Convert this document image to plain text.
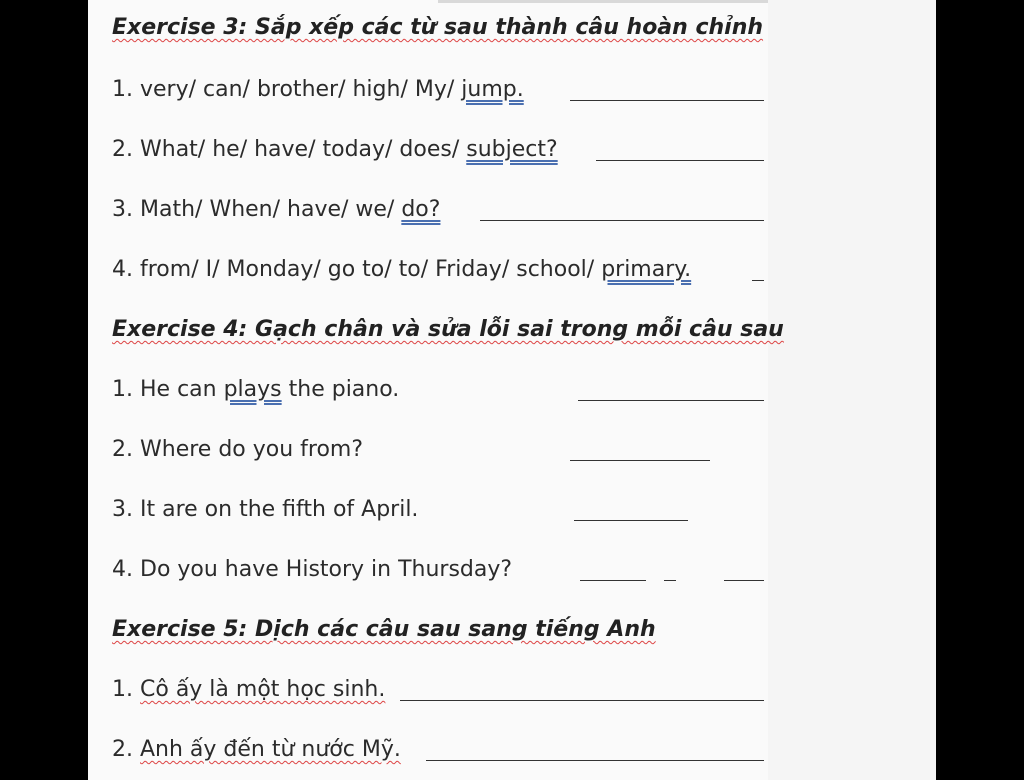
Exercise 3: Sắp xếp các từ sau thành câu hoàn chỉnh
1. very/ can/ brother/ high/ My/ jump.
2. What/ he/ have/ today/ does/ subject?
3. Math/ When/ have/ we/ do?
4. from/ I/ Monday/ go to/ to/ Friday/ school/ primary.
Exercise 4: Gạch chân và sửa lỗi sai trong mỗi câu sau
1. He can plays the piano.
2. Where do you from?
3. It are on the fifth of April.
4. Do you have History in Thursday?
Exercise 5: Dịch các câu sau sang tiếng Anh
1. Cô ấy là một học sinh.
2. Anh ấy đến từ nước Mỹ.
